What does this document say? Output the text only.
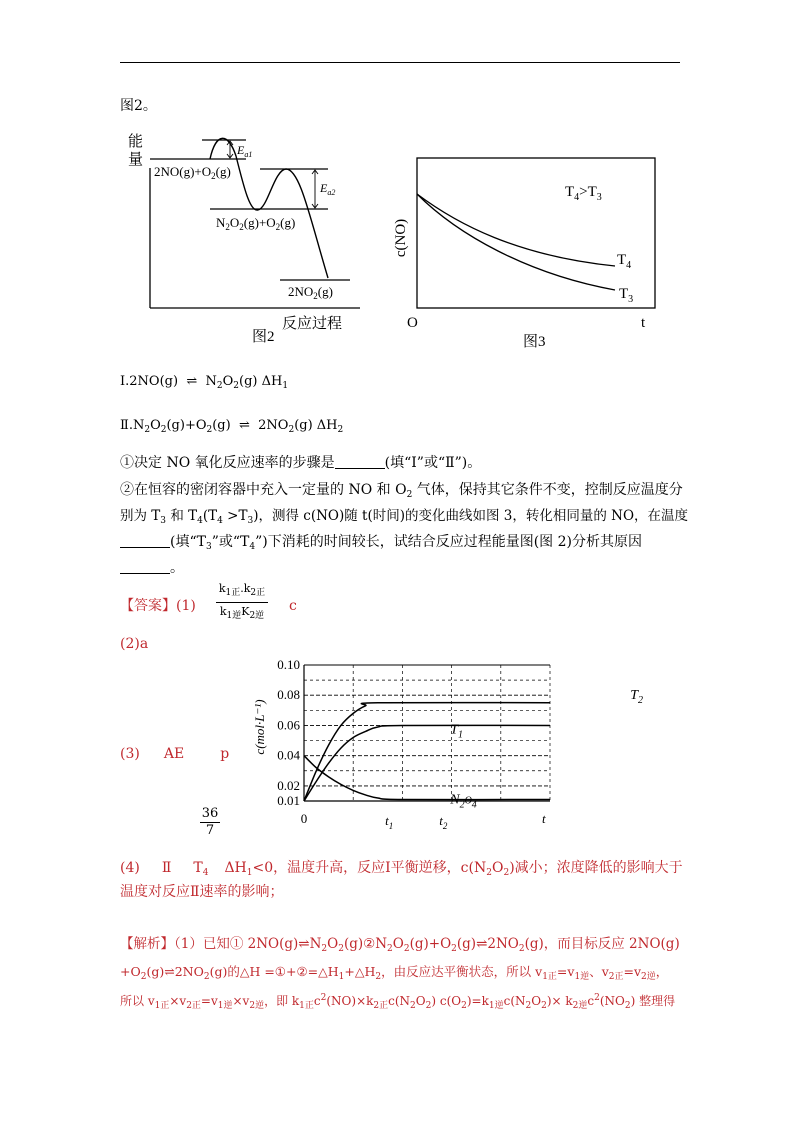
图2。
能
量
$E_{a1}$
$E_{a2}$
$2NO(g)+O_2(g)$
$N_2O_2(g)+O_2(g)$
$2NO_2(g)$
反应过程
图2
c(NO)
$T_4>T_3$
$T_4$
$T_3$
O	t
图3
Ⅰ.2NO(g) ⇌ $N_2O_2(g)$ $\Delta H_1$
$Ⅱ.N_2O_2(g)+O_2(g)$ ⇌ $2NO_2(g)$ $\Delta H_2$
①决定 NO 氧化反应速率的步骤是	(填“Ⅰ”或“Ⅱ”)。
②在恒容的密闭容器中充入一定量的 NO 和 $O_2$ 气体，保持其它条件不变，控制反应温度分
别为 $T_3$ 和 $T_4(T_4 >T_3)$，测得 c(NO)随 t(时间)的变化曲线如图 3，转化相同量的 NO，在温度
(填“$T_3$”或“$T_4$”)下消耗的时间较长，试结合反应过程能量图(图 2)分析其原因
。
【答案】(1)
$k_{1正}.k_{2正}$
$k_{1逆}K_{2逆}$
c
(2)a
(3) AE	p
36
7
0.10
0.08
0.06
0.04
0.02
0.01
0	$t_1$	$t_2$	t
$T_2$
$T_1$
$N_2^O_4$
c(mol·L⁻¹)
(4) Ⅱ $T_4$ $\Delta H_1<0$，温度升高，反应Ⅰ平衡逆移，$c(N_2O_2)$减小；浓度降低的影响大于
温度对反应Ⅱ速率的影响；
【解析】（1）已知① $2NO(g)\rightleftharpoons N_2O_2(g)②N_2O_2(g)+O_2(g)\rightleftharpoons 2NO_2(g)$，而目标反应 2NO(g)
$+O_2(g)\rightleftharpoons 2NO_2(g)$的△H $=①+②=\triangle H_1+\triangle H_2$，由反应达平衡状态，所以 $v_{1正}=v_{1逆}$、$v_{2正}=v_{2逆}$，
所以 $v_{1正}\times v_{2正}=v_{1逆}\times v_{2逆}$，即 $k_{1正}c^2(NO)\times k_{2正}c(N_2O_2)$ $c(O_2)=k_{1逆}c(N_2O_2)\times k_{2逆}c^2(NO_2)$ 整理得
